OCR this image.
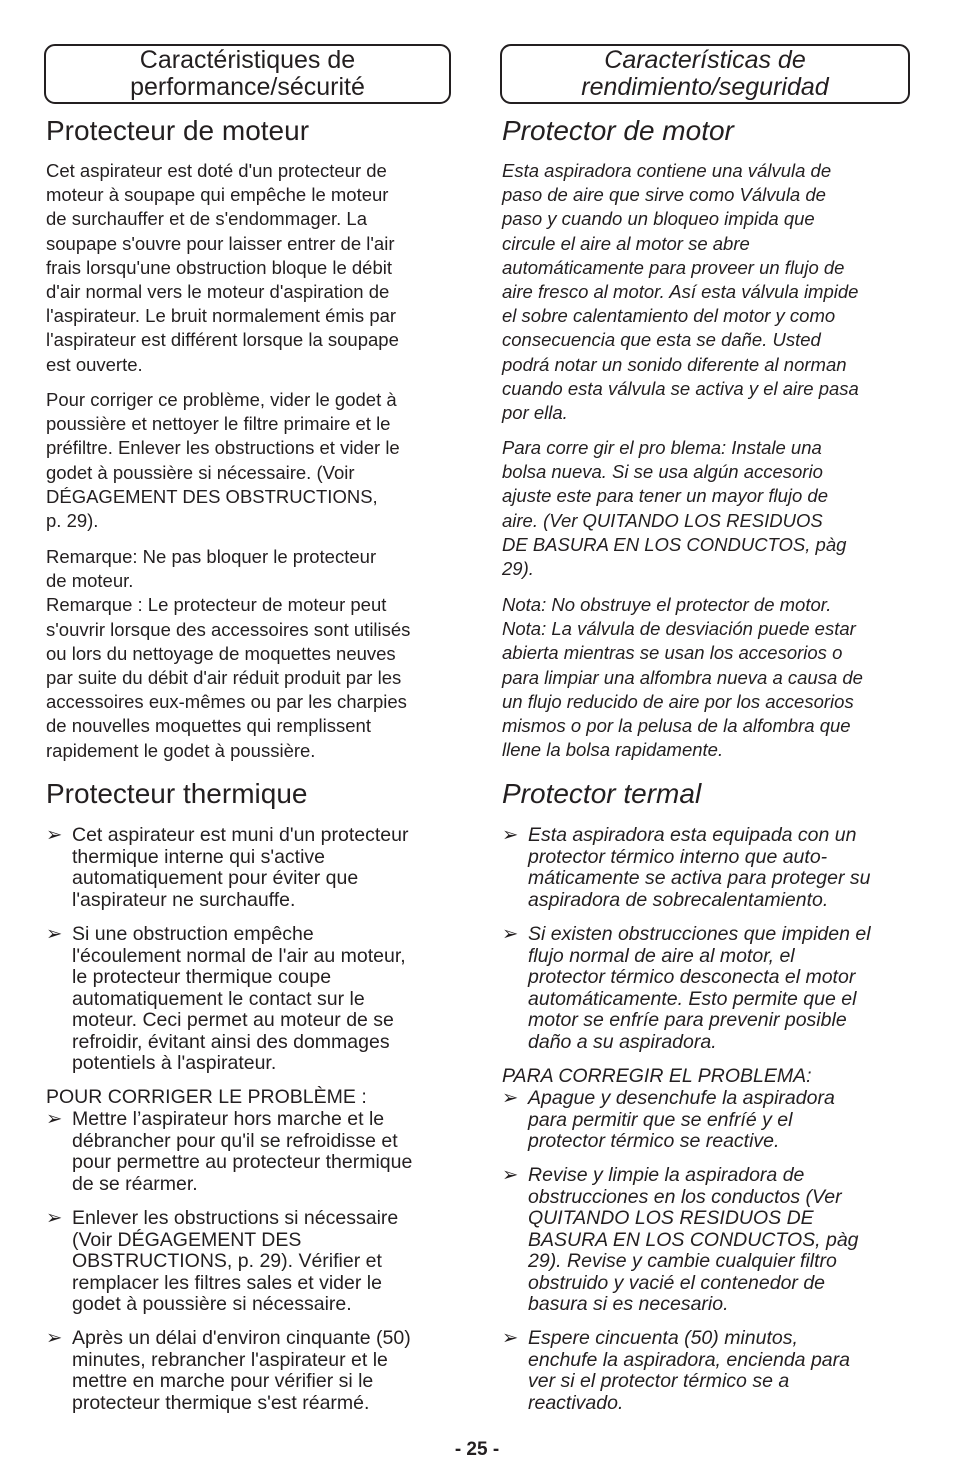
Caractéristiques de
performance/sécurité
Protecteur de moteur
Cet aspirateur est doté d'un protecteur de
moteur à soupape qui empêche le moteur
de surchauffer et de s'endommager. La
soupape s'ouvre pour laisser entrer de l'air
frais lorsqu'une obstruction bloque le débit
d'air normal vers le moteur d'aspiration de
l'aspirateur. Le bruit normalement émis par
l'aspirateur est différent lorsque la soupape
est ouverte.
Pour corriger ce problème, vider le godet à
poussière et nettoyer le filtre primaire et le
préfiltre. Enlever les obstructions et vider le
godet à poussière si nécessaire. (Voir
DÉGAGEMENT DES OBSTRUCTIONS,
p. 29).
Remarque: Ne pas bloquer le protecteur
de moteur.
Remarque : Le protecteur de moteur peut
s'ouvrir lorsque des accessoires sont utilisés
ou lors du nettoyage de moquettes neuves
par suite du débit d'air réduit produit par les
accessoires eux-mêmes ou par les charpies
de nouvelles moquettes qui remplissent
rapidement le godet à poussière.
Protecteur thermique
➢ Cet aspirateur est muni d'un protecteur
thermique interne qui s'active
automatiquement pour éviter que
l'aspirateur ne surchauffe.
➢ Si une obstruction empêche
l'écoulement normal de l'air au moteur,
le protecteur thermique coupe
automatiquement le contact sur le
moteur. Ceci permet au moteur de se
refroidir, évitant ainsi des dommages
potentiels à l'aspirateur.
POUR CORRIGER LE PROBLÈME :
➢ Mettre l’aspirateur hors marche et le
débrancher pour qu'il se refroidisse et
pour permettre au protecteur thermique
de se réarmer.
➢ Enlever les obstructions si nécessaire
(Voir DÉGAGEMENT DES
OBSTRUCTIONS, p. 29). Vérifier et
remplacer les filtres sales et vider le
godet à poussière si nécessaire.
➢ Après un délai d'environ cinquante (50)
minutes, rebrancher l'aspirateur et le
mettre en marche pour vérifier si le
protecteur thermique s'est réarmé.
Características de
rendimiento/seguridad
Protector de motor
Esta aspiradora contiene una válvula de
paso de aire que sirve como Válvula de
paso y cuando un bloqueo impida que
circule el aire al motor se abre
automáticamente para proveer un flujo de
aire fresco al motor. Así esta válvula impide
el sobre calentamiento del motor y como
consecuencia que esta se dañe. Usted
podrá notar un sonido diferente al norman
cuando esta válvula se activa y el aire pasa
por ella.
Para corre gir el pro blema: Instale una
bolsa nueva. Si se usa algún accesorio
ajuste este para tener un mayor flujo de
aire. (Ver QUITANDO LOS RESIDUOS
DE BASURA EN LOS CONDUCTOS, pàg
29).
Nota: No obstruye el protector de motor.
Nota: La válvula de desviación puede estar
abierta mientras se usan los accesorios o
para limpiar una alfombra nueva a causa de
un flujo reducido de aire por los accesorios
mismos o por la pelusa de la alfombra que
llene la bolsa rapidamente.
Protector termal
➢ Esta aspiradora esta equipada con un
protector térmico interno que auto-
máticamente se activa para proteger su
aspiradora de sobrecalentamiento.
➢ Si existen obstrucciones que impiden el
flujo normal de aire al motor, el
protector térmico desconecta el motor
automáticamente. Esto permite que el
motor se enfríe para prevenir posible
daño a su aspiradora.
PARA CORREGIR EL PROBLEMA:
➢ Apague y desenchufe la aspiradora
para permitir que se enfríé y el
protector térmico se reactive.
➢ Revise y limpie la aspiradora de
obstrucciones en los conductos (Ver
QUITANDO LOS RESIDUOS DE
BASURA EN LOS CONDUCTOS, pàg
29). Revise y cambie cualquier filtro
obstruido y vacié el contenedor de
basura si es necesario.
➢ Espere cincuenta (50) minutos,
enchufe la aspiradora, encienda para
ver si el protector térmico se a
reactivado.
- 25 -
